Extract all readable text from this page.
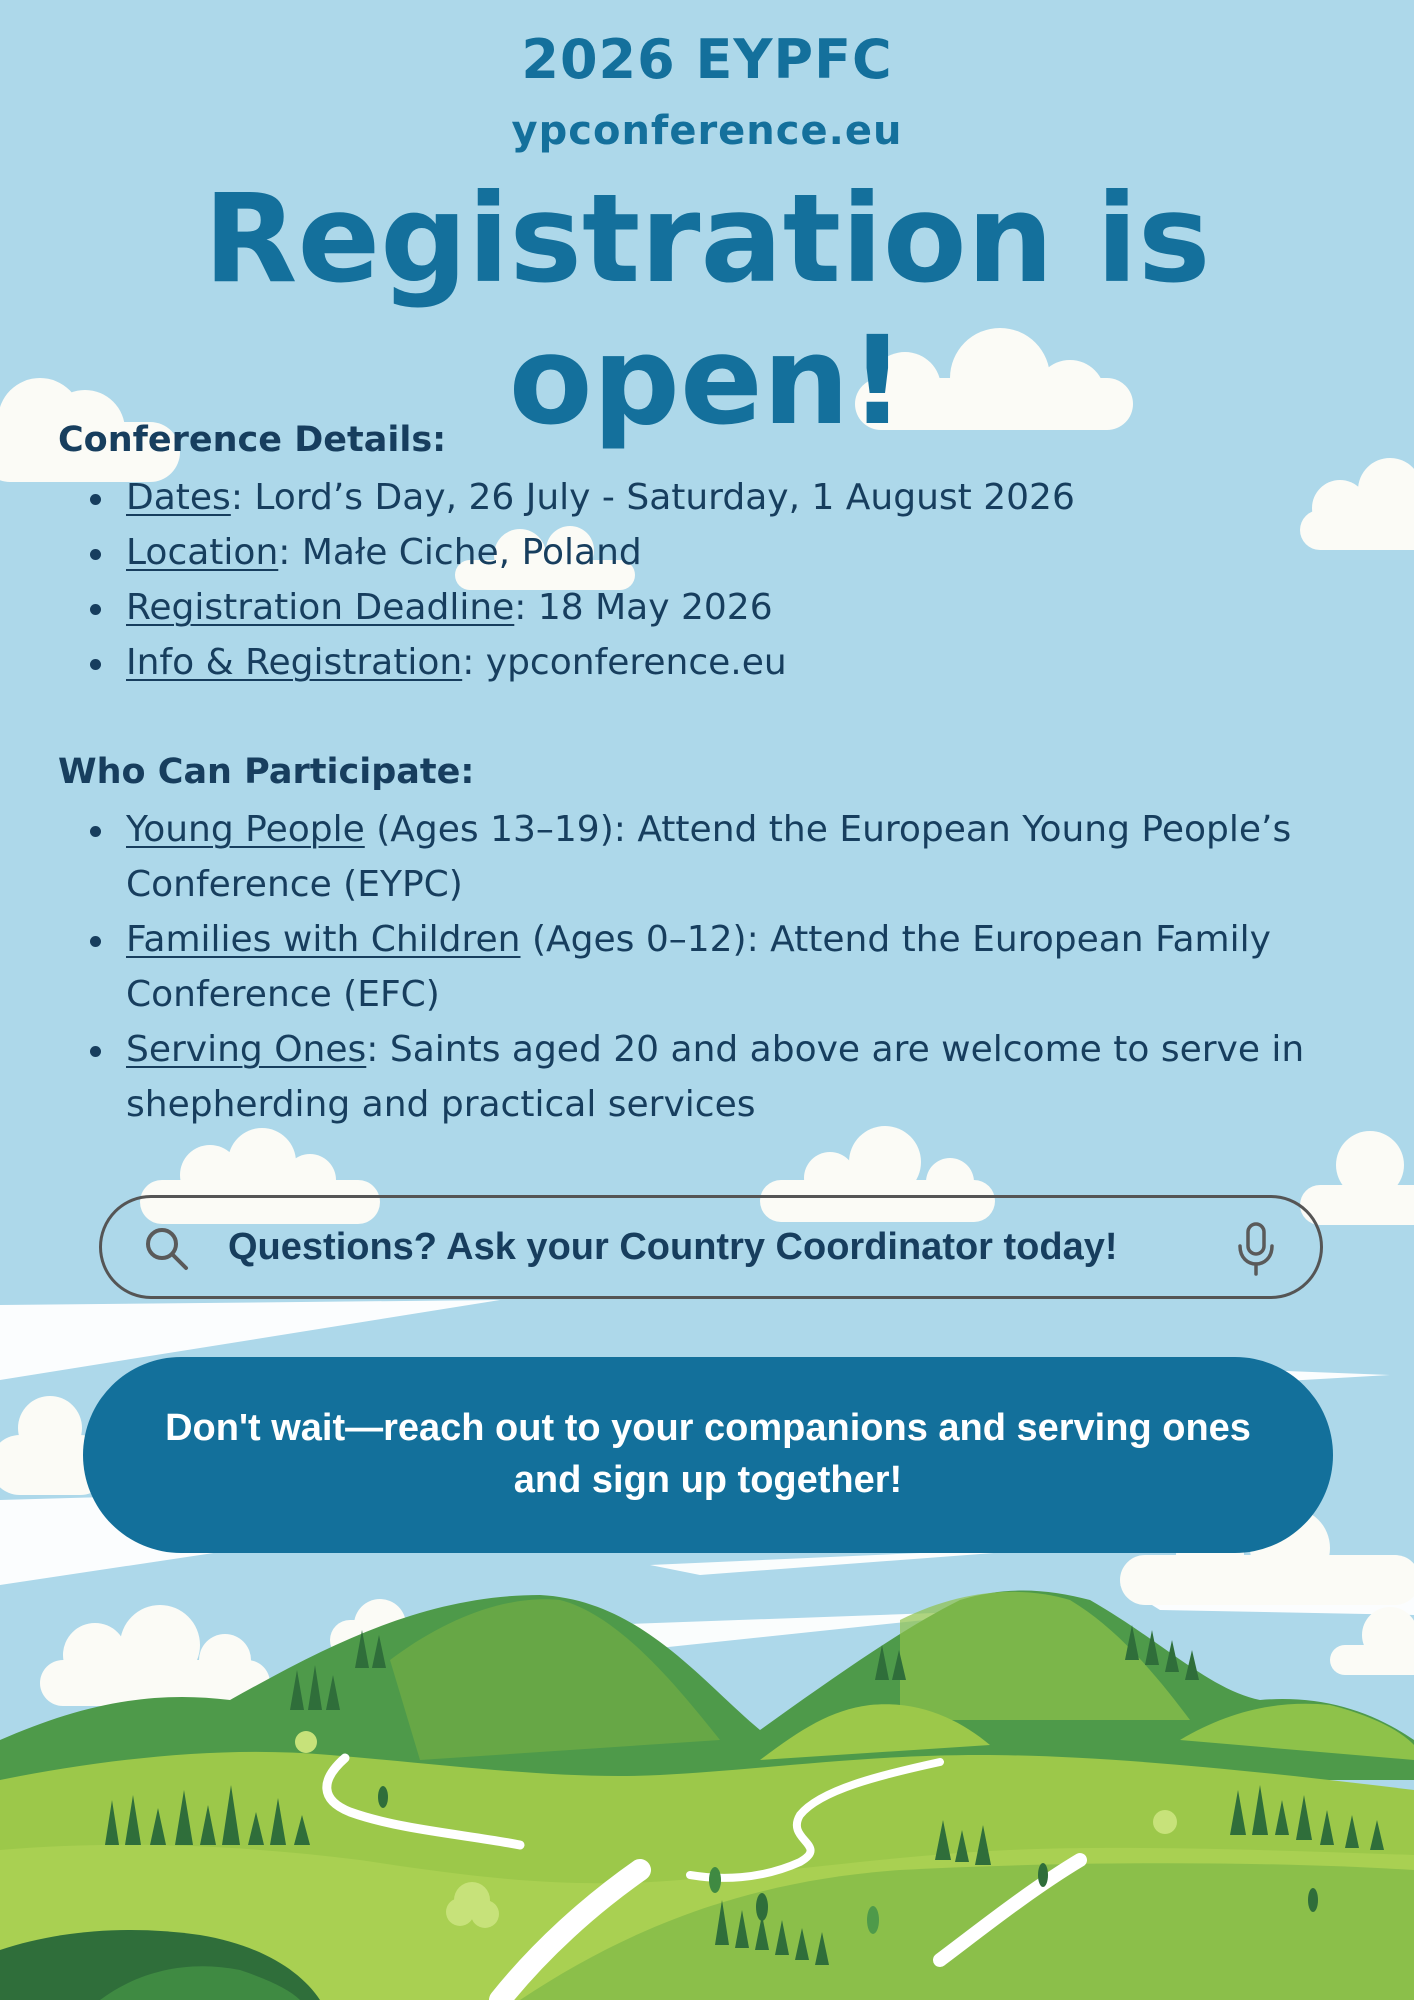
2026 EYPFC
ypconference.eu
Registration is open!
Conference Details:
Dates: Lord’s Day, 26 July - Saturday, 1 August 2026
Location: Małe Ciche, Poland
Registration Deadline: 18 May 2026
Info & Registration: ypconference.eu
Who Can Participate:
Young People (Ages 13–19): Attend the European Young People’s Conference (EYPC)
Families with Children (Ages 0–12): Attend the European Family Conference (EFC)
Serving Ones: Saints aged 20 and above are welcome to serve in shepherding and practical services
Questions? Ask your Country Coordinator today!
Don't wait—reach out to your companions and serving ones and sign up together!
